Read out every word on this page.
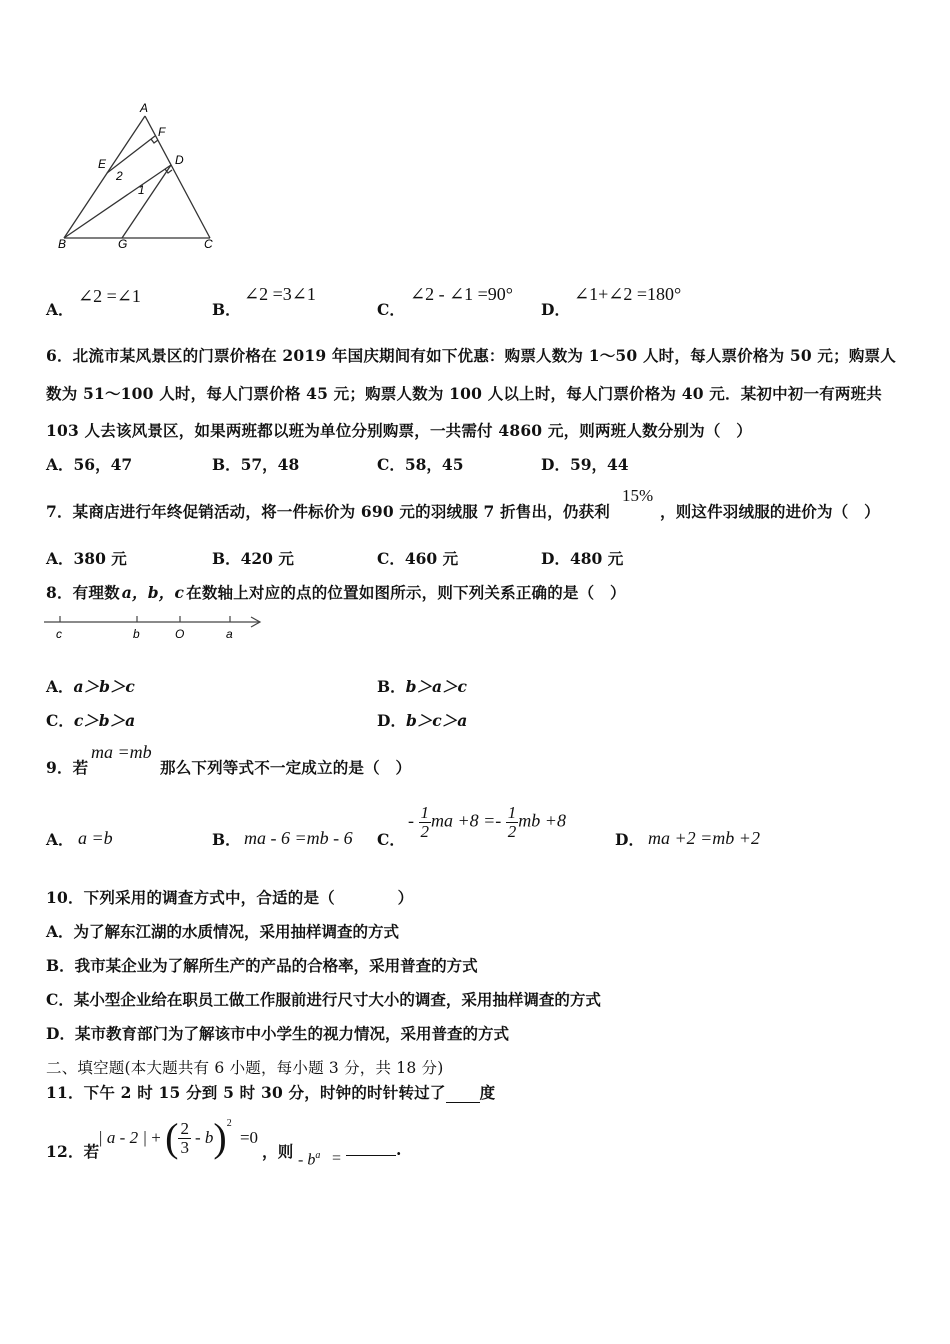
A
F
E	D
2
1
B	G	C
A．
∠2 =∠1
B．
∠2 =3∠1
C．
∠2 - ∠1 =90°
D．
∠1+∠2 =180°
6．北流市某风景区的门票价格在 2019 年国庆期间有如下优惠：购票人数为 1～50 人时，每人票价格为 50 元；购票人
数为 51～100 人时，每人门票价格 45 元；购票人数为 100 人以上时，每人门票价格为 40 元．某初中初一有两班共
103 人去该风景区，如果两班都以班为单位分别购票，一共需付 4860 元，则两班人数分别为（　）
A．56，47	B．57，48	C．58，45	D．59，44
7．某商店进行年终促销活动，将一件标价为 690 元的羽绒服 7 折售出，仍获利
15%
，则这件羽绒服的进价为（　）
A．380 元	B．420 元	C．460 元	D．480 元
8．有理数 a，b，c 在数轴上对应的点的位置如图所示，则下列关系正确的是（　）
c	b	O	a
A．a＞b＞c	B．b＞a＞c
C．c＞b＞a	D．b＞c＞a
9．若
ma =mb
那么下列等式不一定成立的是（　）
A． a =b	B． ma - 6 =mb - 6 C．
- $\frac{1}{2}$ ma $+8 =- \frac{1}{2}$ mb +8
D． ma +2 =mb +2
10．下列采用的调查方式中，合适的是（　　　　）
A．为了解东江湖的水质情况，采用抽样调查的方式
B．我市某企业为了解所生产的产品的合格率，采用普查的方式
C．某小型企业给在职员工做工作服前进行尺寸大小的调查，采用抽样调查的方式
D．某市教育部门为了解该市中小学生的视力情况，采用普查的方式
二、填空题(本大题共有 6 小题，每小题 3 分，共 18 分)
11．下午 2 时 15 分到 5 时 30 分，时钟的时针转过了 度
12．若
| a - 2 | + ( $\frac{2}{3} - b)^2 =0$
，则 - $b^a$ =	.
